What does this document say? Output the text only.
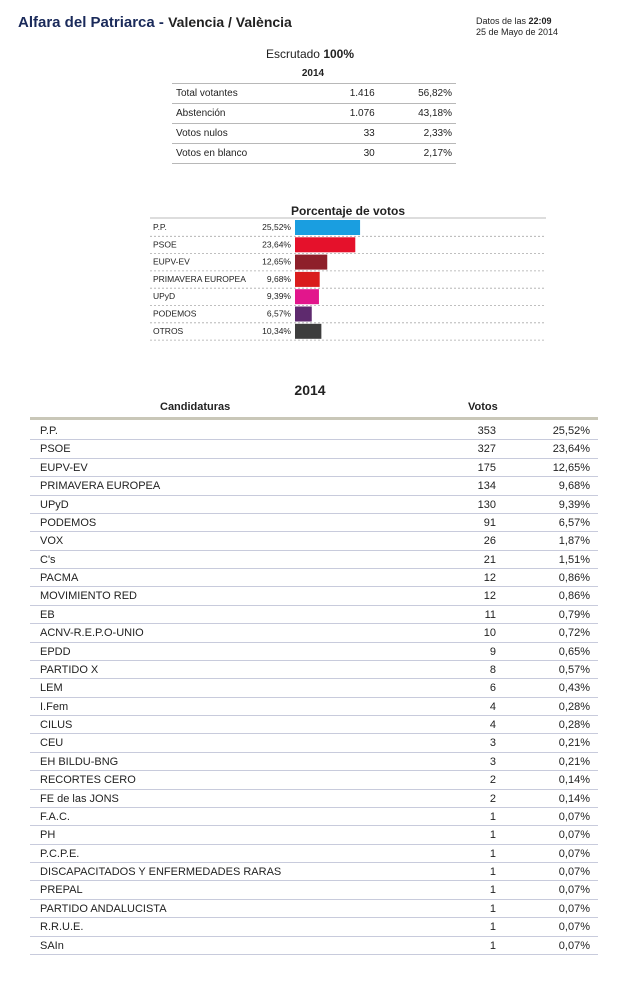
Alfara del Patriarca - Valencia / València	Datos de las 22:09
25 de Mayo de 2014
Escrutado 100%
2014
Total votantes	1.416	56,82%
Abstención	1.076	43,18%
Votos nulos	33	2,33%
Votos en blanco	30	2,17%
Porcentaje de votos
P.P.	25,52%
PSOE	23,64%
EUPV-EV	12,65%
PRIMAVERA EUROPEA 9,68%
UPyD	9,39%
PODEMOS	6,57%
OTROS	10,34%
2014
Candidaturas	Votos
P.P.	353	25,52%
PSOE	327	23,64%
EUPV-EV	175	12,65%
PRIMAVERA EUROPEA	134	9,68%
UPyD	130	9,39%
PODEMOS	91	6,57%
VOX	26	1,87%
C's	21	1,51%
PACMA	12	0,86%
MOVIMIENTO RED	12	0,86%
EB	11	0,79%
ACNV-R.E.P.O-UNIO	10	0,72%
EPDD	9	0,65%
PARTIDO X	8	0,57%
LEM	6	0,43%
I.Fem	4	0,28%
CILUS	4	0,28%
CEU	3	0,21%
EH BILDU-BNG	3	0,21%
RECORTES CERO	2	0,14%
FE de las JONS	2	0,14%
F.A.C.	1	0,07%
PH	1	0,07%
P.C.P.E.	1	0,07%
DISCAPACITADOS Y ENFERMEDADES RARAS	1	0,07%
PREPAL	1	0,07%
PARTIDO ANDALUCISTA	1	0,07%
R.R.U.E.	1	0,07%
SAIn	1	0,07%
